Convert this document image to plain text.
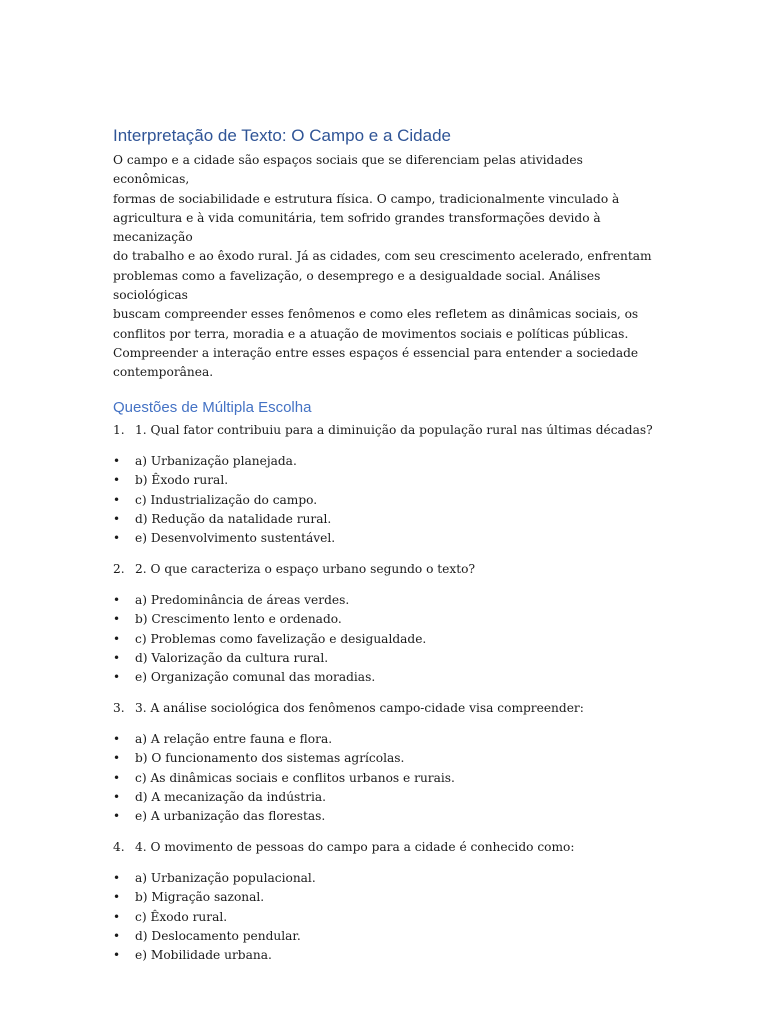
Interpretação de Texto: O Campo e a Cidade
O campo e a cidade são espaços sociais que se diferenciam pelas atividades econômicas,
formas de sociabilidade e estrutura física. O campo, tradicionalmente vinculado à
agricultura e à vida comunitária, tem sofrido grandes transformações devido à mecanização
do trabalho e ao êxodo rural. Já as cidades, com seu crescimento acelerado, enfrentam
problemas como a favelização, o desemprego e a desigualdade social. Análises sociológicas
buscam compreender esses fenômenos e como eles refletem as dinâmicas sociais, os
conflitos por terra, moradia e a atuação de movimentos sociais e políticas públicas.
Compreender a interação entre esses espaços é essencial para entender a sociedade
contemporânea.
Questões de Múltipla Escolha
1. 1. Qual fator contribuiu para a diminuição da população rural nas últimas décadas?
•	a) Urbanização planejada.
•	b) Êxodo rural.
•	c) Industrialização do campo.
•	d) Redução da natalidade rural.
•	e) Desenvolvimento sustentável.
2. 2. O que caracteriza o espaço urbano segundo o texto?
•	a) Predominância de áreas verdes.
•	b) Crescimento lento e ordenado.
•	c) Problemas como favelização e desigualdade.
•	d) Valorização da cultura rural.
•	e) Organização comunal das moradias.
3. 3. A análise sociológica dos fenômenos campo-cidade visa compreender:
•	a) A relação entre fauna e flora.
•	b) O funcionamento dos sistemas agrícolas.
•	c) As dinâmicas sociais e conflitos urbanos e rurais.
•	d) A mecanização da indústria.
•	e) A urbanização das florestas.
4. 4. O movimento de pessoas do campo para a cidade é conhecido como:
•	a) Urbanização populacional.
•	b) Migração sazonal.
•	c) Êxodo rural.
•	d) Deslocamento pendular.
•	e) Mobilidade urbana.
